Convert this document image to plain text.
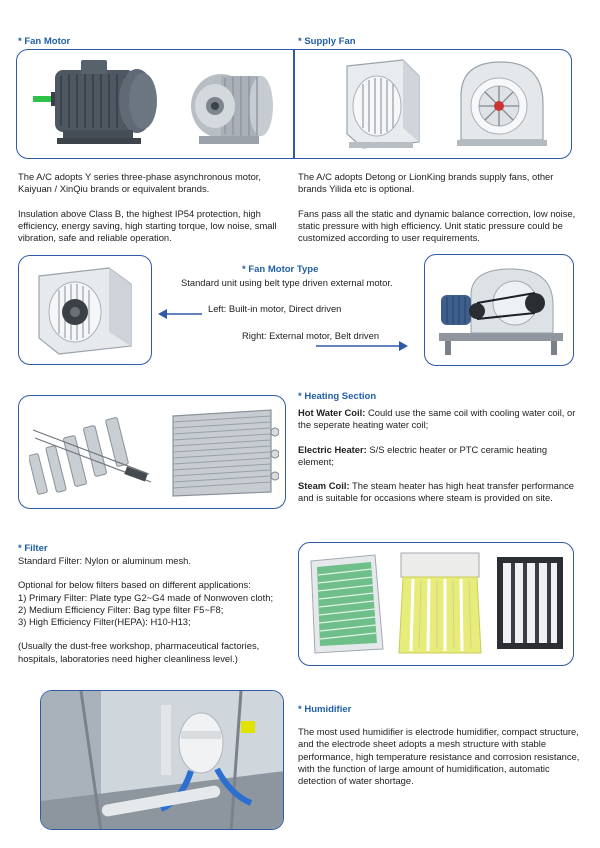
* Fan Motor	* Supply Fan

The A/C adopts Y series three-phase asynchronous motor, Kaiyuan / XinQiu brands or equivalent brands.

Insulation above Class B, the highest IP54 protection, high efficiency, energy saving, high starting torque, low noise, small vibration, safe and reliable operation.

The A/C adopts Detong or LionKing brands supply fans, other brands Yilida etc is optional.

Fans pass all the static and dynamic balance correction, low noise, static pressure with high efficiency. Unit static pressure could be customized according to user requirements.

* Fan Motor Type
Standard unit using belt type driven external motor.
Left: Built-in motor, Direct driven
Right: External motor, Belt driven
* Heating Section

Hot Water Coil: Could use the same coil with cooling water coil, or the seperate heating water coil;

Electric Heater: S/S electric heater or PTC ceramic heating element;

Steam Coil: The steam heater has high heat transfer performance and is suitable for occasions where steam is provided on site.

* Filter

Standard Filter: Nylon or aluminum mesh.

Optional for below filters based on different applications:
1) Primary Filter: Plate type G2~G4 made of Nonwoven cloth;
2) Medium Efficiency Filter: Bag type filter F5~F8;
3) High Efficiency Filter(HEPA): H10-H13;
(Usually the dust-free workshop, pharmaceutical factories, hospitals, laboratories need higher cleanliness level.)
* Humidifier
The most used humidifier is electrode humidifier, compact structure, and the electrode sheet adopts a mesh structure with stable performance, high temperature resistance and corrosion resistance, with the function of large amount of humidification, automatic detection of water shortage.
